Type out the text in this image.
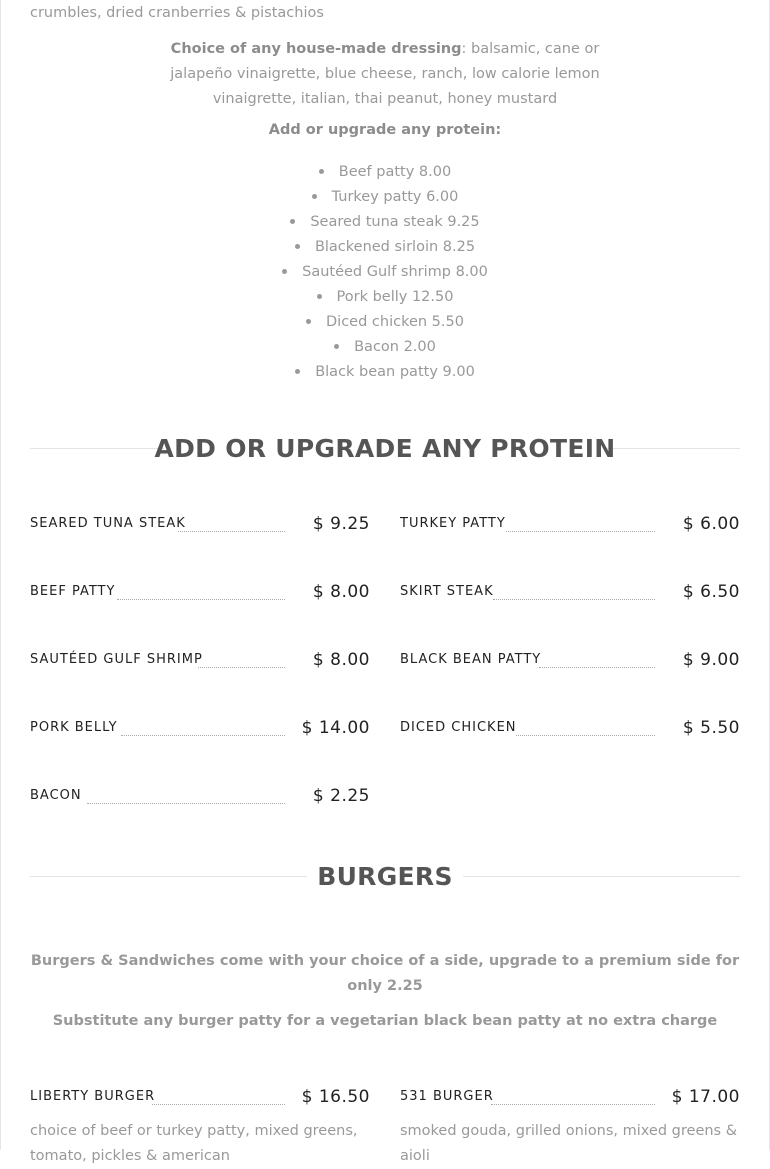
crumbles, dried cranberries & pistachios
Choice of any house-made dressing: balsamic, cane or jalapeño vinaigrette, blue cheese, ranch, low calorie lemon vinaigrette, italian, thai peanut, honey mustard
Add or upgrade any protein:
Beef patty 8.00
Turkey patty 6.00
Seared tuna steak 9.25
Blackened sirloin 8.25
Sautéed Gulf shrimp 8.00
Pork belly 12.50
Diced chicken 5.50
Bacon 2.00
Black bean patty 9.00
ADD OR UPGRADE ANY PROTEIN
SEARED TUNA STEAK	$ 9.25 TURKEY PATTY	$ 6.00
BEEF PATTY	$ 8.00 SKIRT STEAK	$ 6.50
SAUTÉED GULF SHRIMP	$ 8.00 BLACK BEAN PATTY	$ 9.00
PORK BELLY	$ 14.00 DICED CHICKEN	$ 5.50
BACON	$ 2.25
BURGERS
Burgers & Sandwiches come with your choice of a side, upgrade to a premium side for only 2.25
Substitute any burger patty for a vegetarian black bean patty at no extra charge
LIBERTY BURGER	$ 16.50
choice of beef or turkey patty, mixed greens, tomato, pickles & american
531 BURGER	$ 17.00
smoked gouda, grilled onions, mixed greens & aioli
